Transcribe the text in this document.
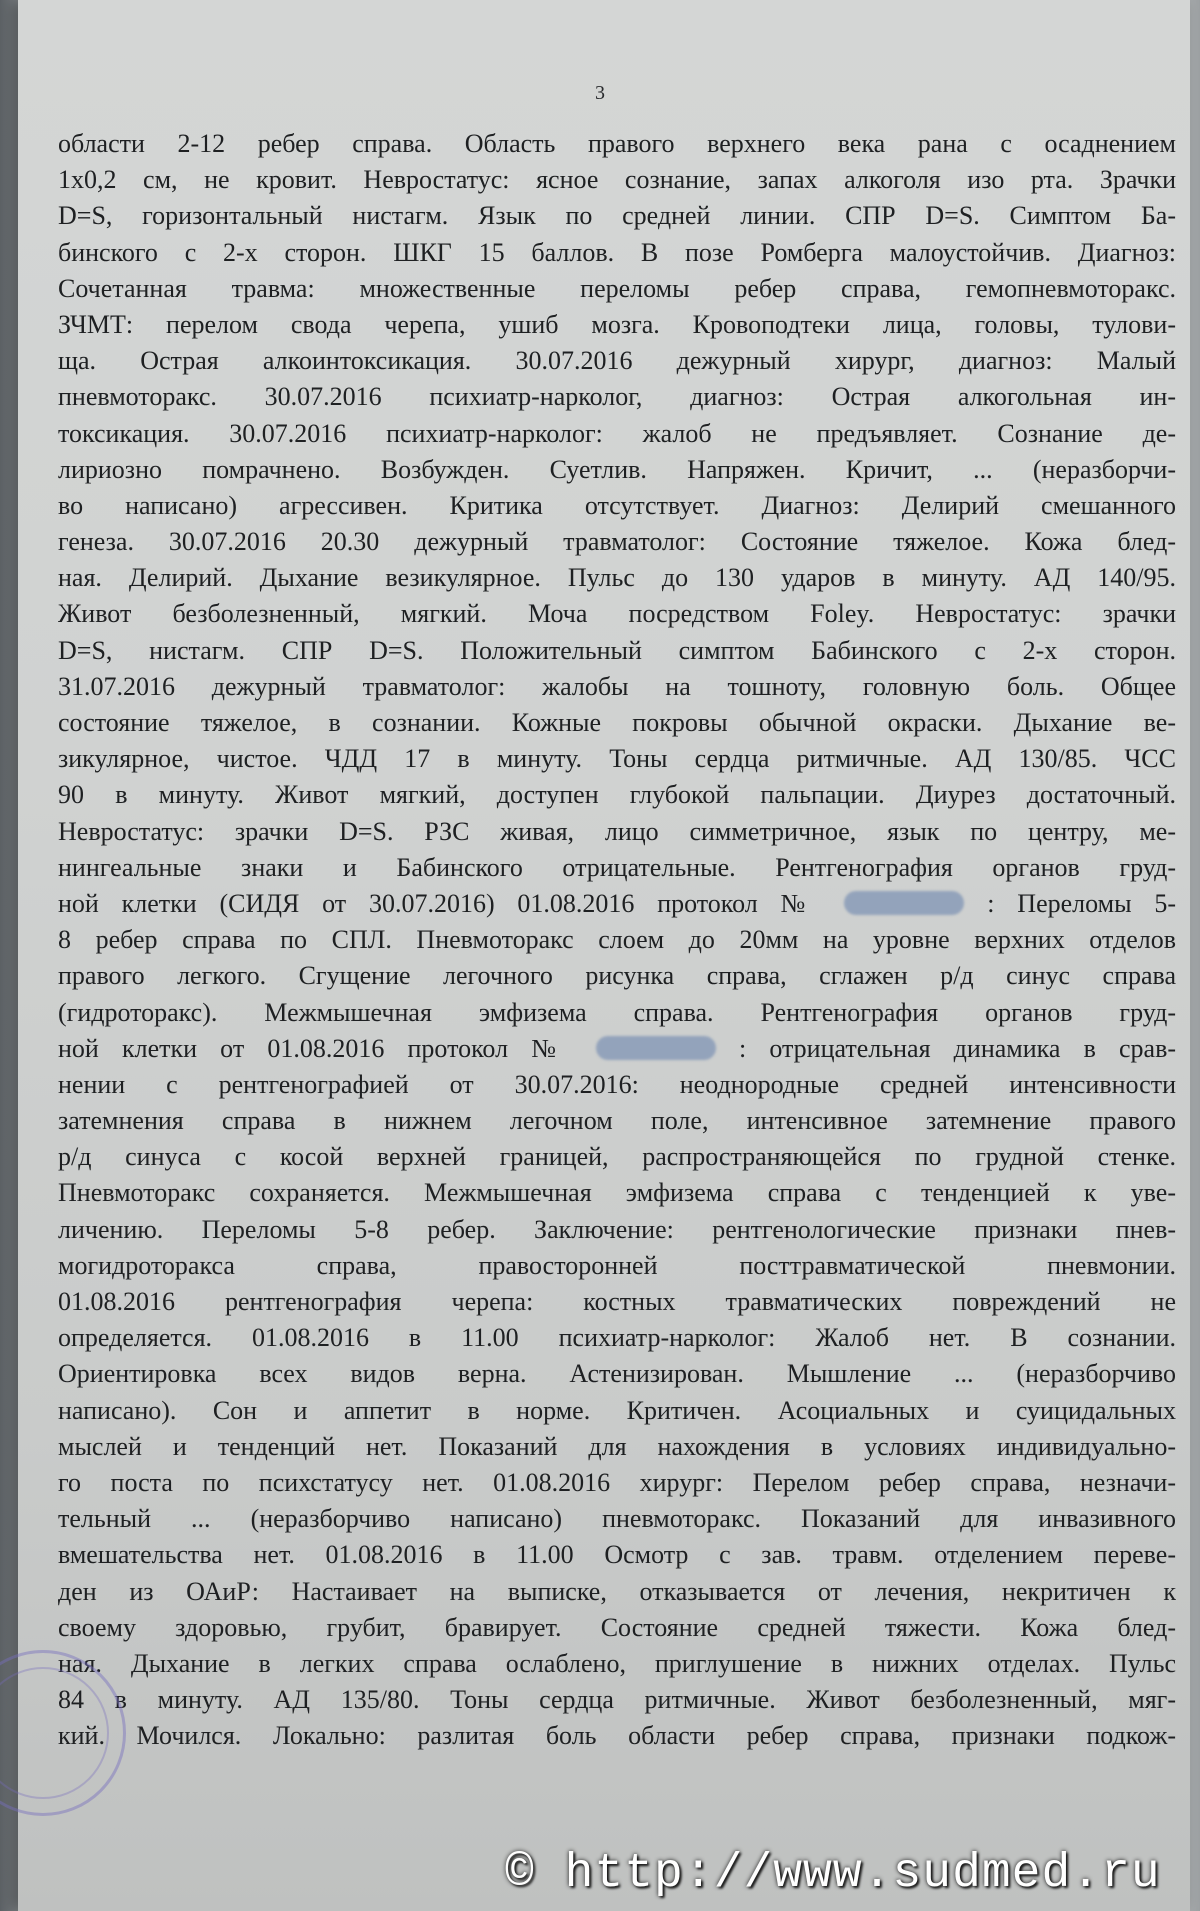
3
области 2-12 ребер справа. Область правого верхнего века рана с осаднением
1х0,2 см, не кровит. Невростатус: ясное сознание, запах алкоголя изо рта. Зрачки
D=S, горизонтальный нистагм. Язык по средней линии. СПР D=S. Симптом Ба-
бинского с 2-х сторон. ШКГ 15 баллов. В позе Ромберга малоустойчив. Диагноз:
Сочетанная травма: множественные переломы ребер справа, гемопневмоторакс.
ЗЧМТ: перелом свода черепа, ушиб мозга. Кровоподтеки лица, головы, тулови-
ща. Острая алкоинтоксикация. 30.07.2016 дежурный хирург, диагноз: Малый
пневмоторакс. 30.07.2016 психиатр-нарколог, диагноз: Острая алкогольная ин-
токсикация. 30.07.2016 психиатр-нарколог: жалоб не предъявляет. Сознание де-
лириозно помрачнено. Возбужден. Суетлив. Напряжен. Кричит, ... (неразборчи-
во написано) агрессивен. Критика отсутствует. Диагноз: Делирий смешанного
генеза. 30.07.2016 20.30 дежурный травматолог: Состояние тяжелое. Кожа блед-
ная. Делирий. Дыхание везикулярное. Пульс до 130 ударов в минуту. АД 140/95.
Живот безболезненный, мягкий. Моча посредством Foley. Невростатус: зрачки
D=S, нистагм. СПР D=S. Положительный симптом Бабинского с 2-х сторон.
31.07.2016 дежурный травматолог: жалобы на тошноту, головную боль. Общее
состояние тяжелое, в сознании. Кожные покровы обычной окраски. Дыхание ве-
зикулярное, чистое. ЧДД 17 в минуту. Тоны сердца ритмичные. АД 130/85. ЧСС
90 в минуту. Живот мягкий, доступен глубокой пальпации. Диурез достаточный.
Невростатус: зрачки D=S. РЗС живая, лицо симметричное, язык по центру, ме-
нингеальные знаки и Бабинского отрицательные. Рентгенография органов груд-
ной клетки (СИДЯ от 30.07.2016) 01.08.2016 протокол №	: Переломы 5-
8 ребер справа по СПЛ. Пневмоторакс слоем до 20мм на уровне верхних отделов
правого легкого. Сгущение легочного рисунка справа, сглажен р/д синус справа
(гидроторакс). Межмышечная эмфизема справа. Рентгенография органов груд-
ной клетки от 01.08.2016 протокол №	: отрицательная динамика в срав-
нении с рентгенографией от 30.07.2016: неоднородные средней интенсивности
затемнения справа в нижнем легочном поле, интенсивное затемнение правого
р/д синуса с косой верхней границей, распространяющейся по грудной стенке.
Пневмоторакс сохраняется. Межмышечная эмфизема справа с тенденцией к уве-
личению. Переломы 5-8 ребер. Заключение: рентгенологические признаки пнев-
могидроторакса справа, правосторонней посттравматической пневмонии.
01.08.2016 рентгенография черепа: костных травматических повреждений не
определяется. 01.08.2016 в 11.00 психиатр-нарколог: Жалоб нет. В сознании.
Ориентировка всех видов верна. Астенизирован. Мышление ... (неразборчиво
написано). Сон и аппетит в норме. Критичен. Асоциальных и суицидальных
мыслей и тенденций нет. Показаний для нахождения в условиях индивидуально-
го поста по психстатусу нет. 01.08.2016 хирург: Перелом ребер справа, незначи-
тельный ... (неразборчиво написано) пневмоторакс. Показаний для инвазивного
вмешательства нет. 01.08.2016 в 11.00 Осмотр с зав. травм. отделением переве-
ден из ОАиР: Настаивает на выписке, отказывается от лечения, некритичен к
своему здоровью, грубит, бравирует. Состояние средней тяжести. Кожа блед-
ная. Дыхание в легких справа ослаблено, приглушение в нижних отделах. Пульс
84 в минуту. АД 135/80. Тоны сердца ритмичные. Живот безболезненный, мяг-
кий. Мочился. Локально: разлитая боль области ребер справа, признаки подкож-
© http://www.sudmed.ru
